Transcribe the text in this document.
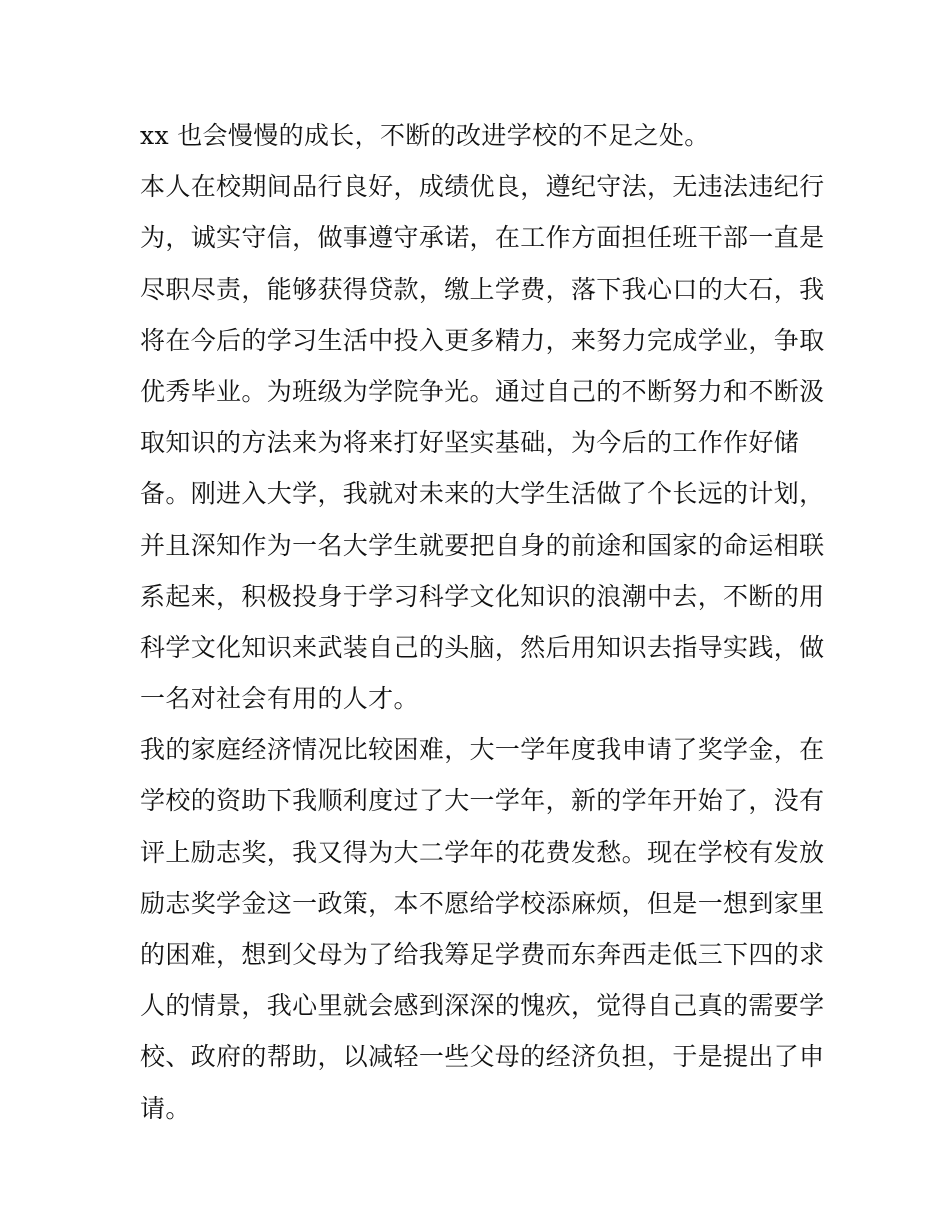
xx 也会慢慢的成长，不断的改进学校的不足之处。
本人在校期间品行良好，成绩优良，遵纪守法，无违法违纪行
为，诚实守信，做事遵守承诺，在工作方面担任班干部一直是
尽职尽责，能够获得贷款，缴上学费，落下我心口的大石，我
将在今后的学习生活中投入更多精力，来努力完成学业，争取
优秀毕业。为班级为学院争光。通过自己的不断努力和不断汲
取知识的方法来为将来打好坚实基础，为今后的工作作好储
备。刚进入大学，我就对未来的大学生活做了个长远的计划，
并且深知作为一名大学生就要把自身的前途和国家的命运相联
系起来，积极投身于学习科学文化知识的浪潮中去，不断的用
科学文化知识来武装自己的头脑，然后用知识去指导实践，做
一名对社会有用的人才。
我的家庭经济情况比较困难，大一学年度我申请了奖学金，在
学校的资助下我顺利度过了大一学年，新的学年开始了，没有
评上励志奖，我又得为大二学年的花费发愁。现在学校有发放
励志奖学金这一政策，本不愿给学校添麻烦，但是一想到家里
的困难，想到父母为了给我筹足学费而东奔西走低三下四的求
人的情景，我心里就会感到深深的愧疚，觉得自己真的需要学
校、政府的帮助，以减轻一些父母的经济负担，于是提出了申
请。
